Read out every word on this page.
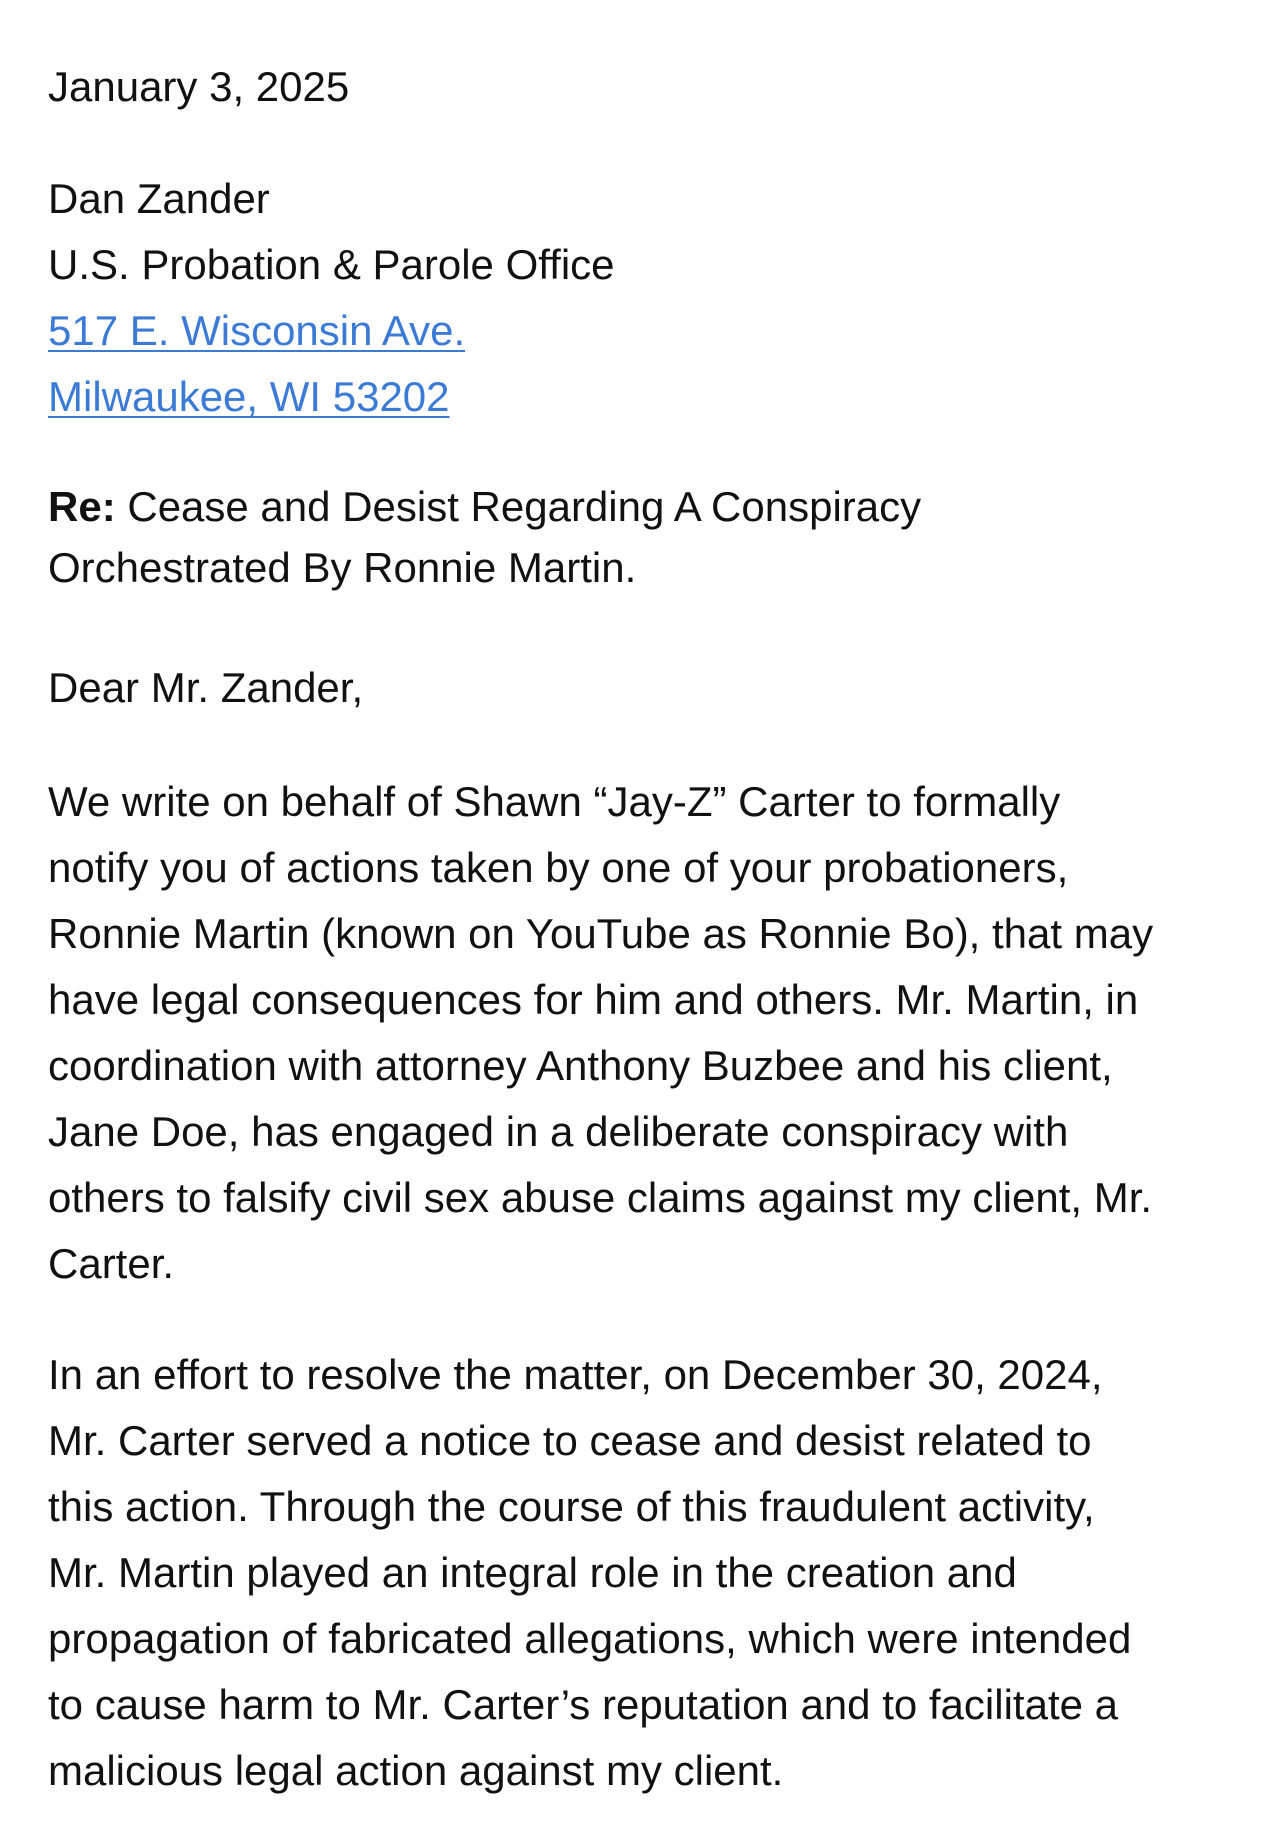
January 3, 2025
Dan Zander
U.S. Probation & Parole Office
517 E. Wisconsin Ave.
Milwaukee, WI 53202
Re: Cease and Desist Regarding A Conspiracy
Orchestrated By Ronnie Martin.
Dear Mr. Zander,
We write on behalf of Shawn “Jay-Z” Carter to formally
notify you of actions taken by one of your probationers,
Ronnie Martin (known on YouTube as Ronnie Bo), that may
have legal consequences for him and others. Mr. Martin, in
coordination with attorney Anthony Buzbee and his client,
Jane Doe, has engaged in a deliberate conspiracy with
others to falsify civil sex abuse claims against my client, Mr.
Carter.
In an effort to resolve the matter, on December 30, 2024,
Mr. Carter served a notice to cease and desist related to
this action. Through the course of this fraudulent activity,
Mr. Martin played an integral role in the creation and
propagation of fabricated allegations, which were intended
to cause harm to Mr. Carter’s reputation and to facilitate a
malicious legal action against my client.
